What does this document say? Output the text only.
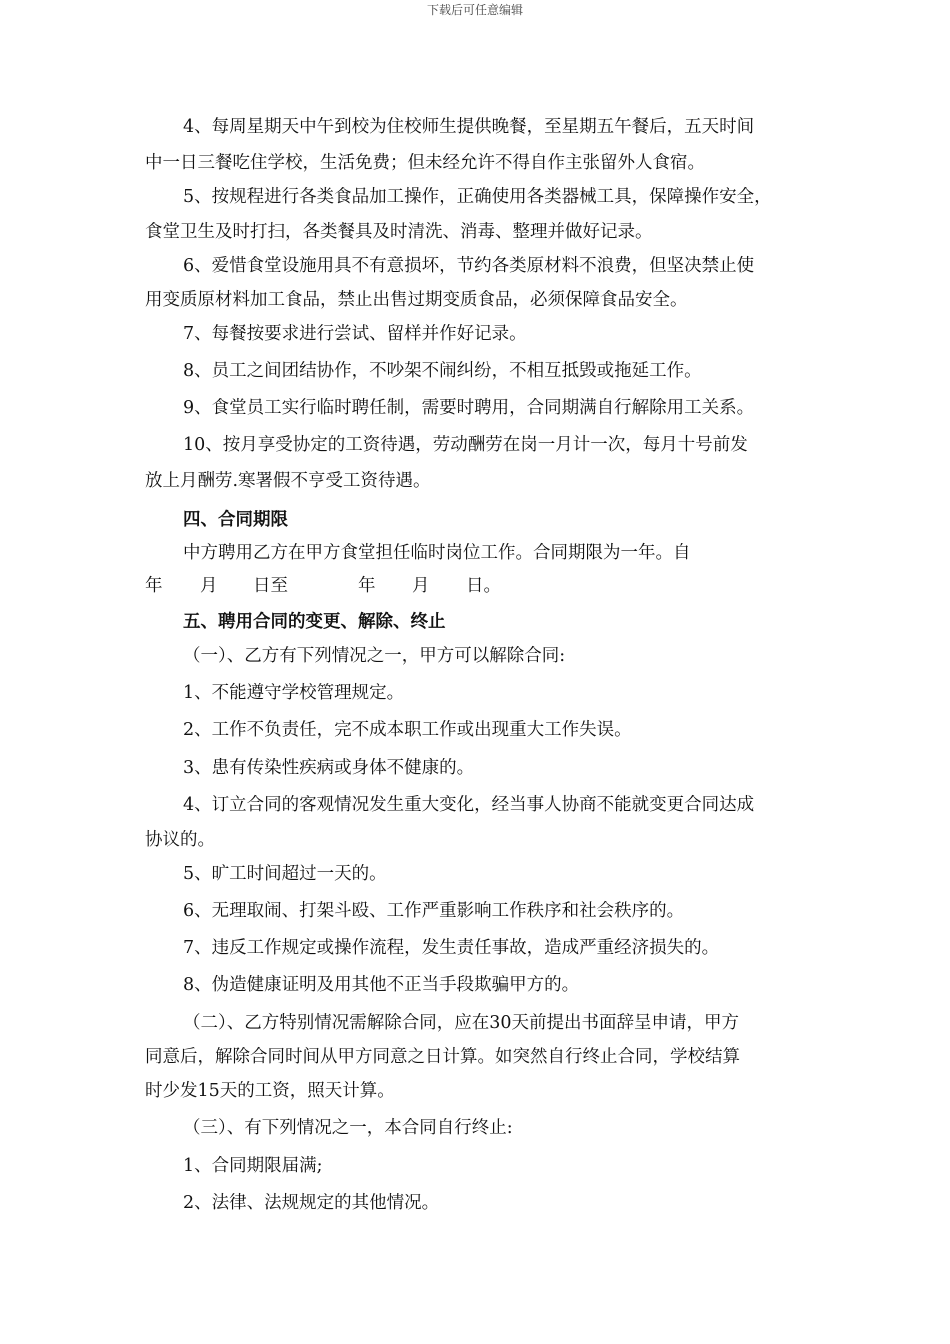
下载后可任意编辑
4、每周星期天中午到校为住校师生提供晚餐，至星期五午餐后，五天时间
中一日三餐吃住学校，生活免费；但未经允许不得自作主张留外人食宿。
5、按规程进行各类食品加工操作，正确使用各类器械工具，保障操作安全，
食堂卫生及时打扫，各类餐具及时清洗、消毒、整理并做好记录。
6、爱惜食堂设施用具不有意损坏，节约各类原材料不浪费，但坚决禁止使
用变质原材料加工食品，禁止出售过期变质食品，必须保障食品安全。
7、每餐按要求进行尝试、留样并作好记录。
8、员工之间团结协作，不吵架不闹纠纷，不相互抵毁或拖延工作。
9、食堂员工实行临时聘任制，需要时聘用，合同期满自行解除用工关系。
10、按月享受协定的工资待遇，劳动酬劳在岗一月计一次，每月十号前发
放上月酬劳.寒署假不亨受工资待遇。
四、合同期限
中方聘用乙方在甲方食堂担任临时岗位工作。合同期限为一年。自
年 月 日至	年 月 日。
五、聘用合同的变更、解除、终止
（一）、乙方有下列情况之一，甲方可以解除合同:
1、不能遵守学校管理规定。
2、工作不负责任，完不成本职工作或出现重大工作失误。
3、患有传染性疾病或身体不健康的。
4、订立合同的客观情况发生重大变化，经当事人协商不能就变更合同达成
协议的。
5、旷工时间超过一天的。
6、无理取闹、打架斗殴、工作严重影响工作秩序和社会秩序的。
7、违反工作规定或操作流程，发生责任事故，造成严重经济损失的。
8、伪造健康证明及用其他不正当手段欺骗甲方的。
（二）、乙方特别情况需解除合同，应在30天前提出书面辞呈申请，甲方
同意后，解除合同时间从甲方同意之日计算。如突然自行终止合同，学校结算
时少发15天的工资，照天计算。
（三）、有下列情况之一，本合同自行终止:
1、合同期限届满;
2、法律、法规规定的其他情况。
